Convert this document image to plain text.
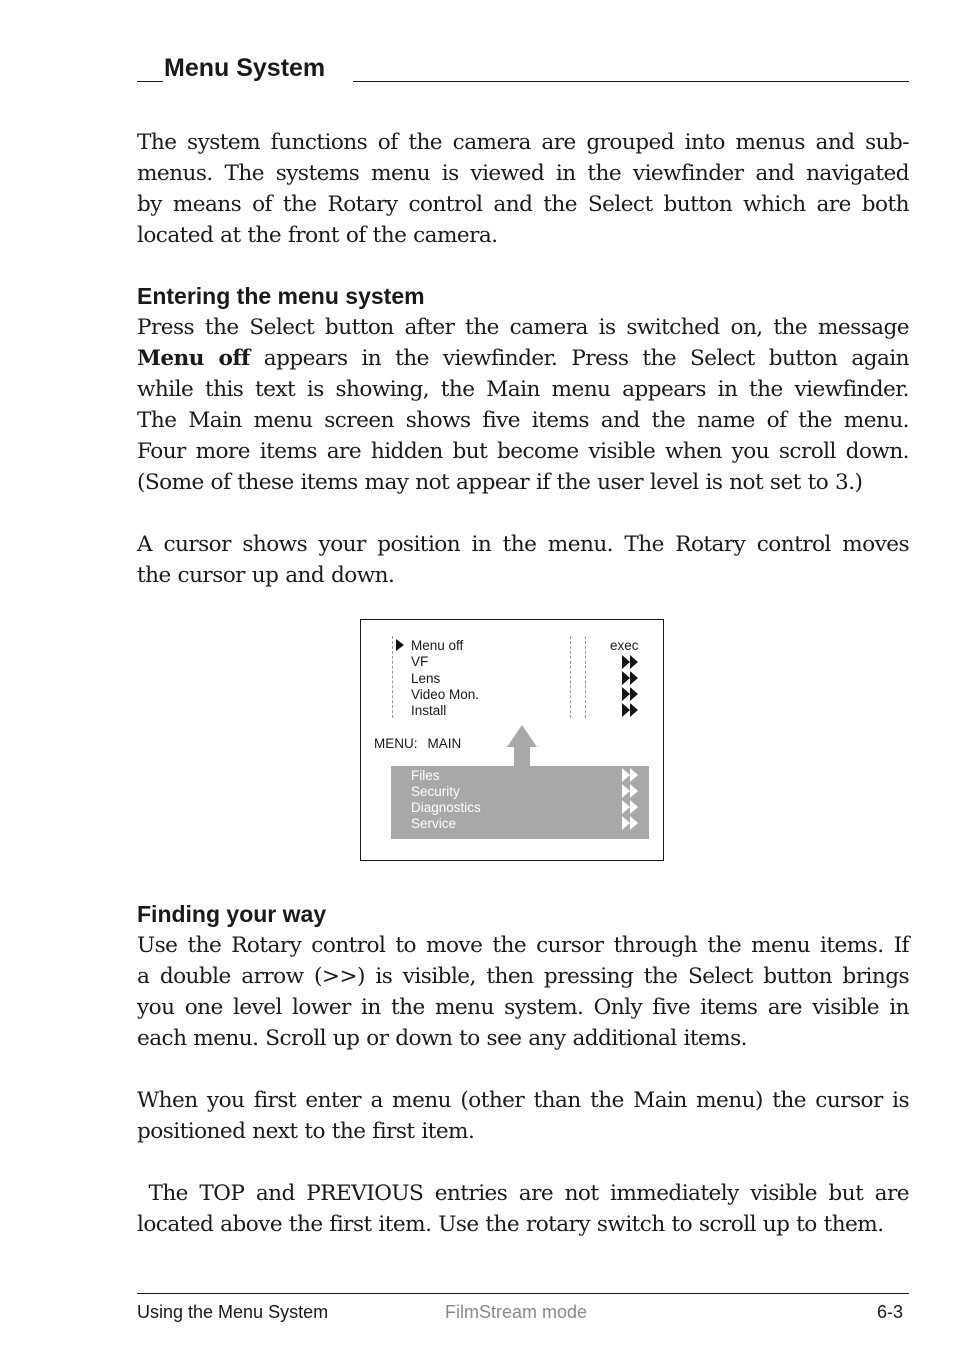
Menu System
The system functions of the camera are grouped into menus and sub-
menus. The systems menu is viewed in the viewfinder and navigated
by means of the Rotary control and the Select button which are both
located at the front of the camera.
Entering the menu system
Press the Select button after the camera is switched on, the message
Menu off appears in the viewfinder. Press the Select button again
while this text is showing, the Main menu appears in the viewfinder.
The Main menu screen shows five items and the name of the menu.
Four more items are hidden but become visible when you scroll down.
(Some of these items may not appear if the user level is not set to 3.)
A cursor shows your position in the menu. The Rotary control moves
the cursor up and down.
Menu off
VF
Lens
Video Mon.
Install
exec
MENU: MAIN
Files
Security
Diagnostics
Service
Finding your way
Use the Rotary control to move the cursor through the menu items. If
a double arrow (>>) is visible, then pressing the Select button brings
you one level lower in the menu system. Only five items are visible in
each menu. Scroll up or down to see any additional items.
When you first enter a menu (other than the Main menu) the cursor is
positioned next to the first item.
The TOP and PREVIOUS entries are not immediately visible but are
located above the first item. Use the rotary switch to scroll up to them.
Using the Menu System	FilmStream mode	6-3
